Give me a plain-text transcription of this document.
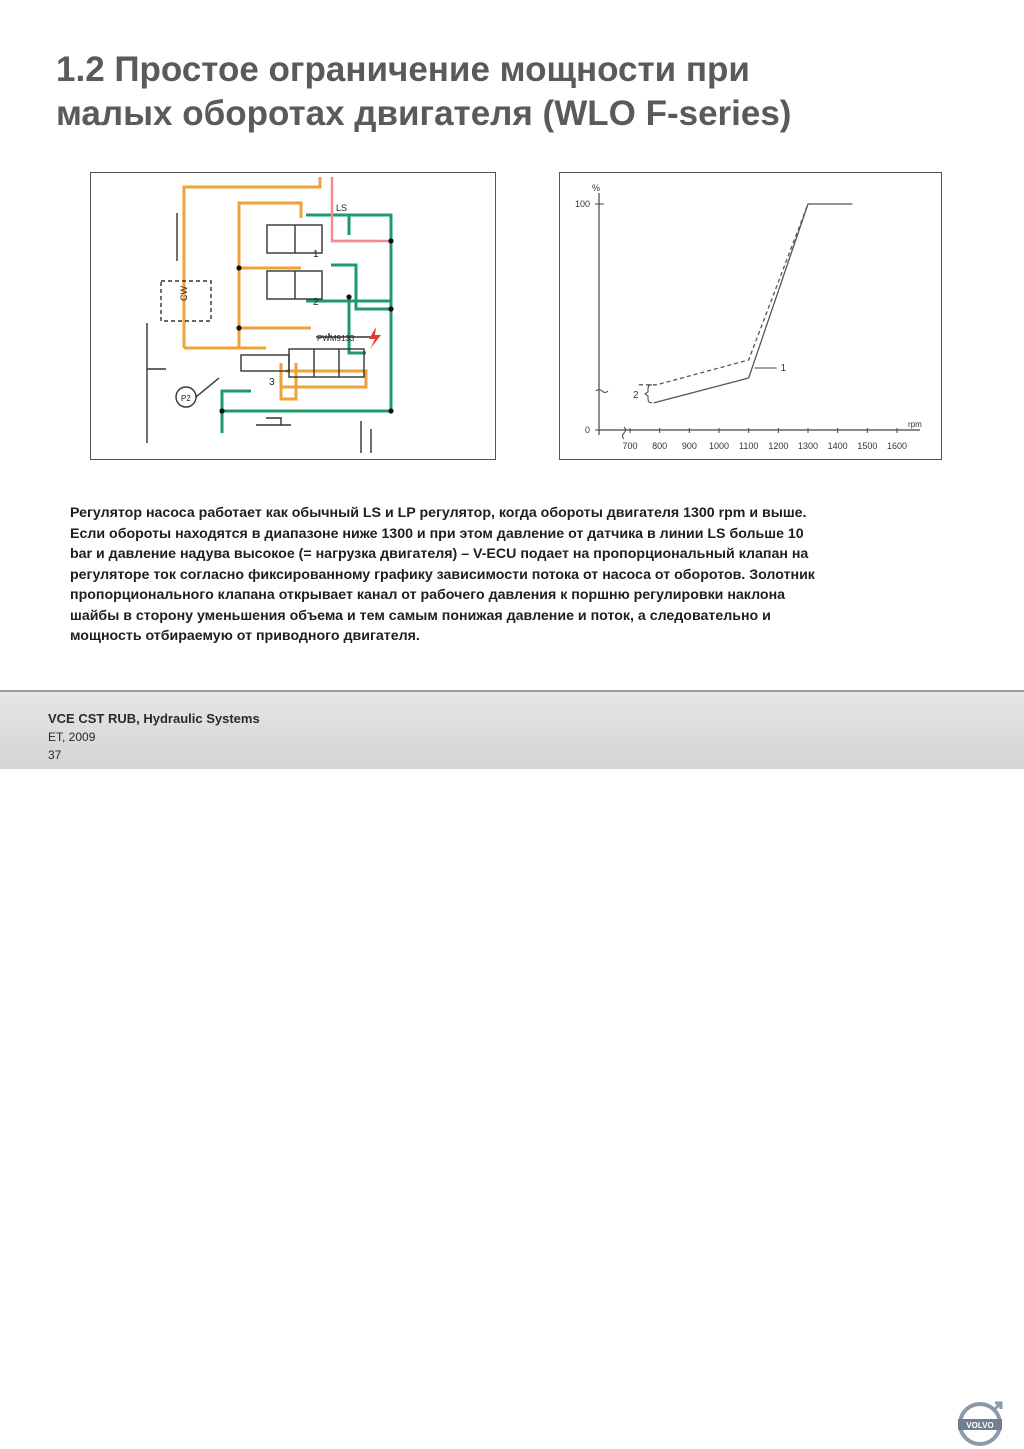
1.2 Простое ограничение мощности при
малых оборотах двигателя (WLO F-series)
LS
CW
PWM9133
P2
1
2
3
%
rpm
700 800 900 1000 1100 1200 1300 1400 1500 1600
0
100
1
2
Регулятор насоса работает как обычный LS и LP регулятор, когда обороты двигателя 1300 rpm и выше.
Если обороты находятся в диапазоне ниже 1300 и при этом давление от датчика в линии LS больше 10
bar и давление надува высокое (= нагрузка двигателя) – V-ECU подает на пропорциональный клапан на
регуляторе ток согласно фиксированному графику зависимости потока от насоса от оборотов. Золотник
пропорционального клапана открывает канал от рабочего давления к поршню регулировки наклона
шайбы в сторону уменьшения объема и тем самым понижая давление и поток, а следовательно и
мощность отбираемую от приводного двигателя.
VCE CST RUB, Hydraulic Systems
ET, 2009
37
VOLVO
